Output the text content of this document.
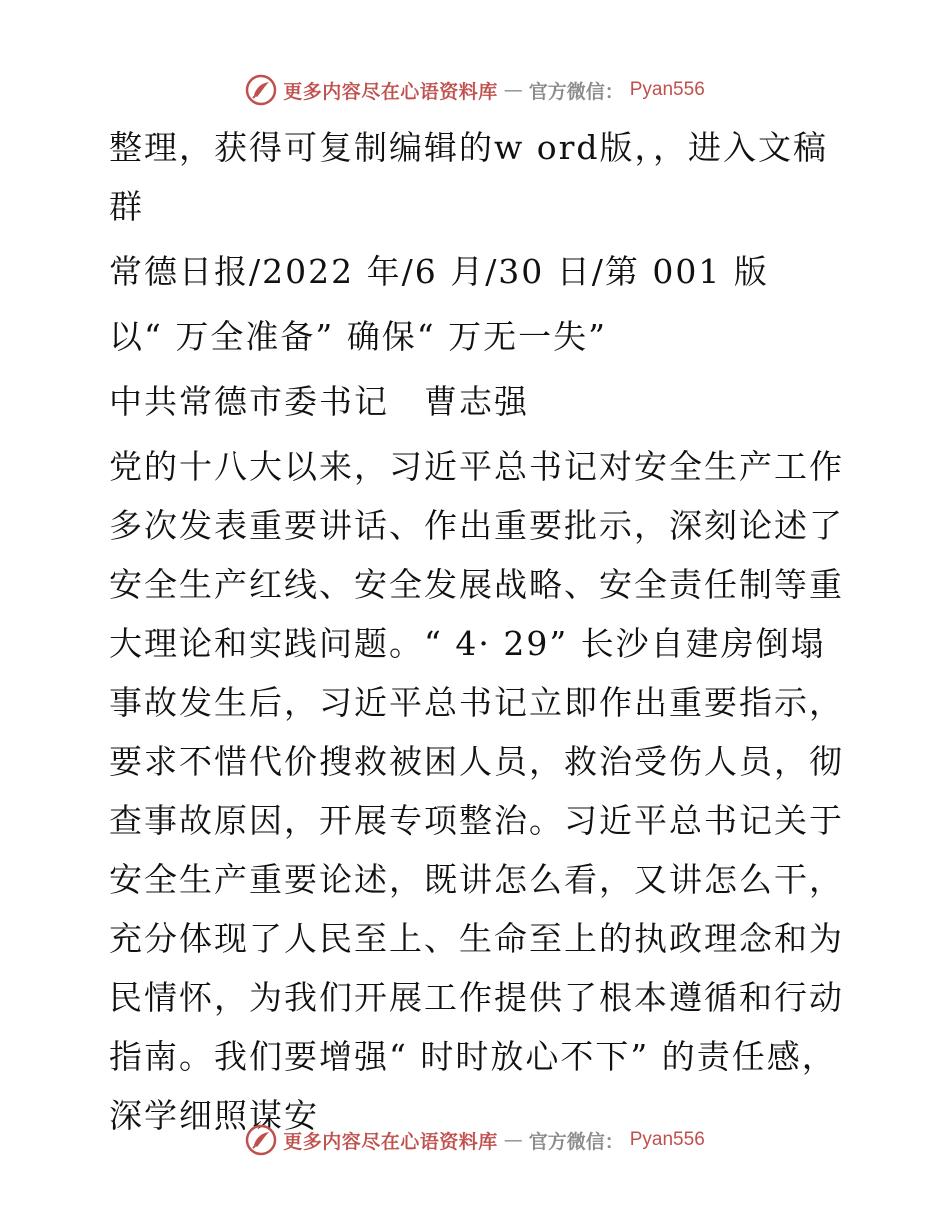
更多内容尽在心语资料库 — 官方微信： Pyan556

整理，获得可复制编辑的w ord版，，进入文稿群

常德日报/2022 年/6 月/30 日/第 001 版

以“ 万全准备” 确保“ 万无一失”

中共常德市委书记　曹志强

党的十八大以来，习近平总书记对安全生产工作多次发表重要讲话、作出重要批示，深刻论述了安全生产红线、安全发展战略、安全责任制等重大理论和实践问题。“ 4· 29” 长沙自建房倒塌事故发生后，习近平总书记立即作出重要指示，要求不惜代价搜救被困人员，救治受伤人员，彻查事故原因，开展专项整治。习近平总书记关于安全生产重要论述，既讲怎么看，又讲怎么干，充分体现了人民至上、生命至上的执政理念和为民情怀，为我们开展工作提供了根本遵循和行动指南。我们要增强“ 时时放心不下” 的责任感，深学细照谋安

更多内容尽在心语资料库 — 官方微信： Pyan556
